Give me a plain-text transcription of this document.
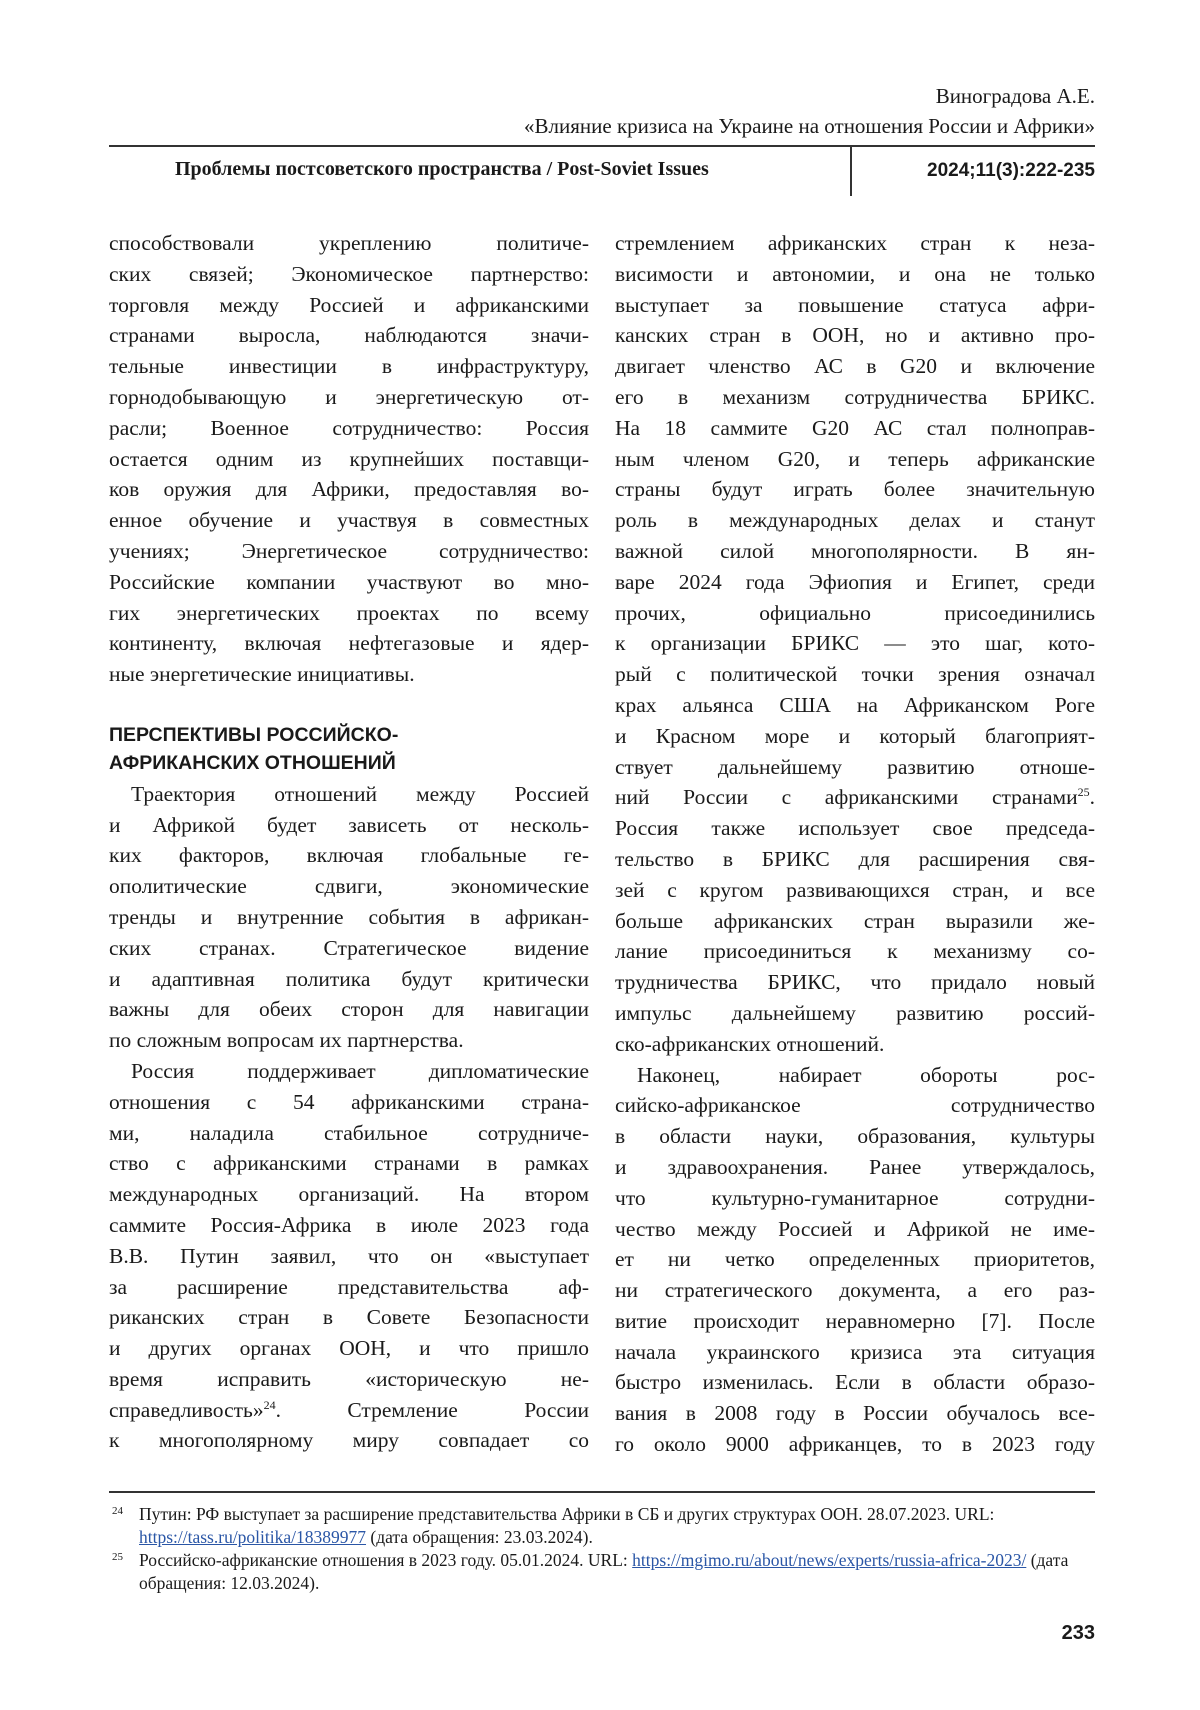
Виноградова А.Е.
«Влияние кризиса на Украине на отношения России и Африки»
Проблемы постсоветского пространства / Post-Soviet Issues	2024;11(3):222-235
способствовали укреплению политиче-
ских связей; Экономическое партнерство:
торговля между Россией и африканскими
странами выросла, наблюдаются значи-
тельные инвестиции в инфраструктуру,
горнодобывающую и энергетическую от-
расли; Военное сотрудничество: Россия
остается одним из крупнейших поставщи-
ков оружия для Африки, предоставляя во-
енное обучение и участвуя в совместных
учениях; Энергетическое сотрудничество:
Российские компании участвуют во мно-
гих энергетических проектах по всему
континенту, включая нефтегазовые и ядер-
ные энергетические инициативы.
ПЕРСПЕКТИВЫ РОССИЙСКО-
АФРИКАНСКИХ ОТНОШЕНИЙ
Траектория отношений между Россией
и Африкой будет зависеть от несколь-
ких факторов, включая глобальные ге-
ополитические сдвиги, экономические
тренды и внутренние события в африкан-
ских странах. Стратегическое видение
и адаптивная политика будут критически
важны для обеих сторон для навигации
по сложным вопросам их партнерства.
Россия поддерживает дипломатические
отношения с 54 африканскими страна-
ми, наладила стабильное сотрудниче-
ство с африканскими странами в рамках
международных организаций. На втором
саммите Россия-Африка в июле 2023 года
В.В. Путин заявил, что он «выступает
за расширение представительства аф-
риканских стран в Совете Безопасности
и других органах ООН, и что пришло
время исправить «историческую не-
справедливость»24. Стремление России
к многополярному миру совпадает со
стремлением африканских стран к неза-
висимости и автономии, и она не только
выступает за повышение статуса афри-
канских стран в ООН, но и активно про-
двигает членство АС в G20 и включение
его в механизм сотрудничества БРИКС.
На 18 саммите G20 АС стал полноправ-
ным членом G20, и теперь африканские
страны будут играть более значительную
роль в международных делах и станут
важной силой многополярности. В ян-
варе 2024 года Эфиопия и Египет, среди
прочих, официально присоединились
к организации БРИКС — это шаг, кото-
рый с политической точки зрения означал
крах альянса США на Африканском Роге
и Красном море и который благоприят-
ствует дальнейшему развитию отноше-
ний России с африканскими странами25.
Россия также использует свое председа-
тельство в БРИКС для расширения свя-
зей с кругом развивающихся стран, и все
больше африканских стран выразили же-
лание присоединиться к механизму со-
трудничества БРИКС, что придало новый
импульс дальнейшему развитию россий-
ско-африканских отношений.
Наконец, набирает обороты рос-
сийско-африканское сотрудничество
в области науки, образования, культуры
и здравоохранения. Ранее утверждалось,
что культурно-гуманитарное сотрудни-
чество между Россией и Африкой не име-
ет ни четко определенных приоритетов,
ни стратегического документа, а его раз-
витие происходит неравномерно [7]. После
начала украинского кризиса эта ситуация
быстро изменилась. Если в области образо-
вания в 2008 году в России обучалось все-
го около 9000 африканцев, то в 2023 году
24 Путин: РФ выступает за расширение представительства Африки в СБ и других структурах ООН. 28.07.2023. URL: https://tass.ru/politika/18389977 (дата обращения: 23.03.2024).
25 Российско-африканские отношения в 2023 году. 05.01.2024. URL: https://mgimo.ru/about/news/experts/russia-africa-2023/ (дата обращения: 12.03.2024).
233
